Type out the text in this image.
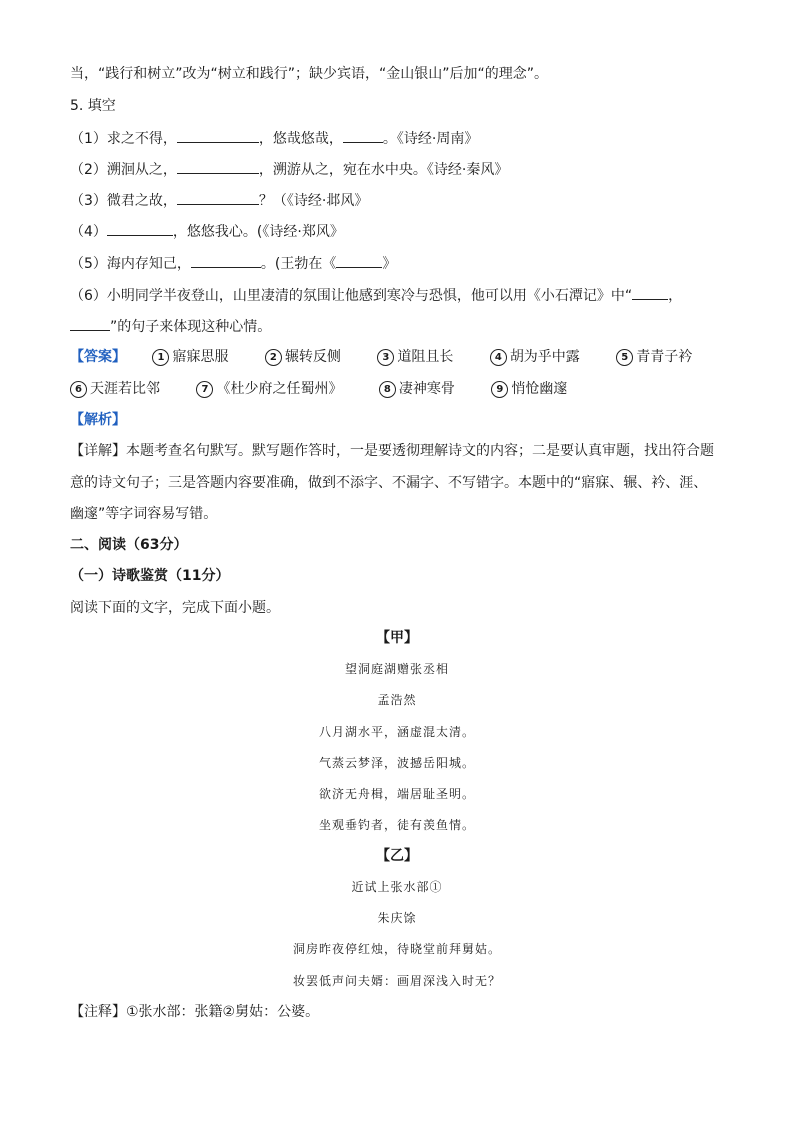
当，“践行和树立”改为“树立和践行”；缺少宾语，“金山银山”后加“的理念”。
5. 填空
（1）求之不得，	，悠哉悠哉，	。《诗经·周南》
（2）溯洄从之，	，溯游从之，宛在水中央。《诗经·秦风》
（3）微君之故，	？（《诗经·邶风》
（4）	，悠悠我心。(《诗经·郑风》
（5）海内存知己，	。(王勃在《	》
（6）小明同学半夜登山，山里凄清的氛围让他感到寒冷与恐惧，他可以用《小石潭记》中“	，
”的句子来体现这种心情。
【答案】	1 寤寐思服	2 辗转反侧	3 道阻且长	4 胡为乎中露	5 青青子衿
6 天涯若比邻	7 《杜少府之任蜀州》	8 凄神寒骨	9 悄怆幽邃
【解析】
【详解】本题考查名句默写。默写题作答时，一是要透彻理解诗文的内容；二是要认真审题，找出符合题
意的诗文句子；三是答题内容要准确，做到不添字、不漏字、不写错字。本题中的“寤寐、辗、衿、涯、
幽邃”等字词容易写错。
二、阅读（63分）
（一）诗歌鉴赏（11分）
阅读下面的文字，完成下面小题。
【甲】
望洞庭湖赠张丞相
孟浩然
八月湖水平，涵虚混太清。
气蒸云梦泽，波撼岳阳城。
欲济无舟楫，端居耻圣明。
坐观垂钓者，徒有羡鱼情。
【乙】
近试上张水部①
朱庆馀
洞房昨夜停红烛，待晓堂前拜舅姑。
妆罢低声问夫婿：画眉深浅入时无？
【注释】①张水部：张籍②舅姑：公婆。
